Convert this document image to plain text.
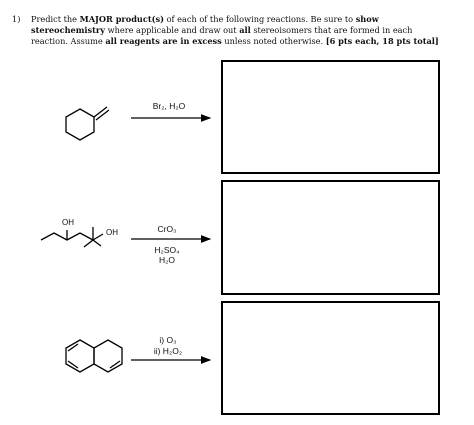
1) Predict the MAJOR product(s) of each of the following reactions. Be sure to show stereochemistry where applicable and draw out all stereoisomers that are formed in each reaction. Assume all reagents are in excess unless noted otherwise. [6 pts each, 18 pts total]
Br₂, H₂O
OH
OH	CrO₃
H₂SO₄
H₂O
i) O₃
ii) H₂O₂
